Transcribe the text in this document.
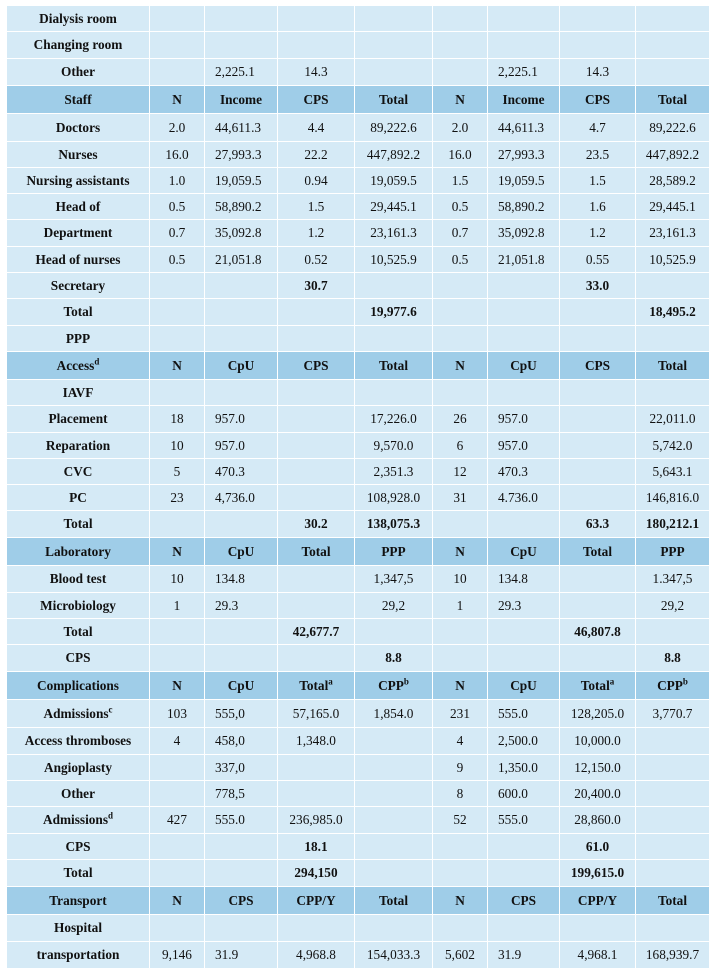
Dialysis room								
Changing room								
Other		2,225.1	14.3			2,225.1	14.3	
Staff	N	Income	CPS	Total	N	Income	CPS	Total
Doctors	2.0	44,611.3	4.4	89,222.6	2.0	44,611.3	4.7	89,222.6
Nurses	16.0	27,993.3	22.2	447,892.2	16.0	27,993.3	23.5	447,892.2
Nursing assistants	1.0	19,059.5	0.94	19,059.5	1.5	19,059.5	1.5	28,589.2
Head of	0.5	58,890.2	1.5	29,445.1	0.5	58,890.2	1.6	29,445.1
Department	0.7	35,092.8	1.2	23,161.3	0.7	35,092.8	1.2	23,161.3
Head of nurses	0.5	21,051.8	0.52	10,525.9	0.5	21,051.8	0.55	10,525.9
Secretary			30.7				33.0	
Total				19,977.6				18,495.2
PPP								
Access$^d$	N	CpU	CPS	Total	N	CpU	CPS	Total
IAVF								
Placement	18	957.0		17,226.0	26	957.0		22,011.0
Reparation	10	957.0		9,570.0	6	957.0		5,742.0
CVC	5	470.3		2,351.3	12	470.3		5,643.1
PC	23	4,736.0		108,928.0	31	4.736.0		146,816.0
Total			30.2	138,075.3			63.3	180,212.1
Laboratory	N	CpU	Total	PPP	N	CpU	Total	PPP
Blood test	10	134.8		1,347,5	10	134.8		1.347,5
Microbiology	1	29.3		29,2	1	29.3		29,2
Total			42,677.7				46,807.8	
CPS				8.8				8.8
Complications	N	CpU	Total$^a$	CPP$^b$	N	CpU	Total$^a$	CPP$^b$
Admissions$^c$	103	555,0	57,165.0	1,854.0	231	555.0	128,205.0	3,770.7
Access thromboses	4	458,0	1,348.0		4	2,500.0	10,000.0	
Angioplasty		337,0			9	1,350.0	12,150.0	
Other		778,5			8	600.0	20,400.0	
Admissions$^d$	427	555.0	236,985.0		52	555.0	28,860.0	
CPS			18.1				61.0	
Total			294,150				199,615.0	
Transport	N	CPS	CPP/Y	Total	N	CPS	CPP/Y	Total
Hospital								
transportation	9,146	31.9	4,968.8	154,033.3	5,602	31.9	4,968.1	168,939.7
